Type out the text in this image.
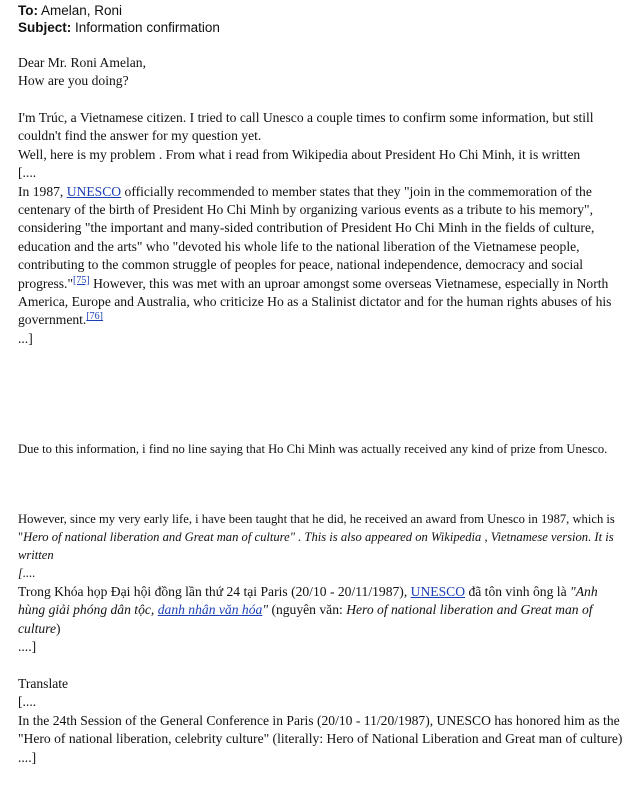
To: Amelan, Roni
Subject: Information confirmation

Dear Mr. Roni Amelan,

How are you doing?

I'm Trúc, a Vietnamese citizen. I tried to call Unesco a couple times to confirm some information, but still couldn't find the answer for my question yet.

Well, here is my problem . From what i read from Wikipedia about President Ho Chi Minh, it is written

[....

In 1987, UNESCO officially recommended to member states that they "join in the commemoration of the centenary of the birth of President Ho Chi Minh by organizing various events as a tribute to his memory", considering "the important and many-sided contribution of President Ho Chi Minh in the fields of culture, education and the arts" who "devoted his whole life to the national liberation of the Vietnamese people, contributing to the common struggle of peoples for peace, national independence, democracy and social progress."[75] However, this was met with an uproar amongst some overseas Vietnamese, especially in North America, Europe and Australia, who criticize Ho as a Stalinist dictator and for the human rights abuses of his government.[76]

...]

Due to this information, i find no line saying that Ho Chi Minh was actually received any kind of prize from Unesco.

However, since my very early life, i have been taught that he did, he received an award from Unesco in 1987, which is "Hero of national liberation and Great man of culture" . This is also appeared on Wikipedia , Vietnamese version. It is written

[....

Trong Khóa họp Đại hội đồng lần thứ 24 tại Paris (20/10 - 20/11/1987), UNESCO đã tôn vinh ông là "Anh hùng giải phóng dân tộc, danh nhân văn hóa" (nguyên văn: Hero of national liberation and Great man of culture)

....]

Translate

[....

In the 24th Session of the General Conference in Paris (20/10 - 11/20/1987), UNESCO has honored him as the "Hero of national liberation, celebrity culture" (literally: Hero of National Liberation and Great man of culture)

....]
